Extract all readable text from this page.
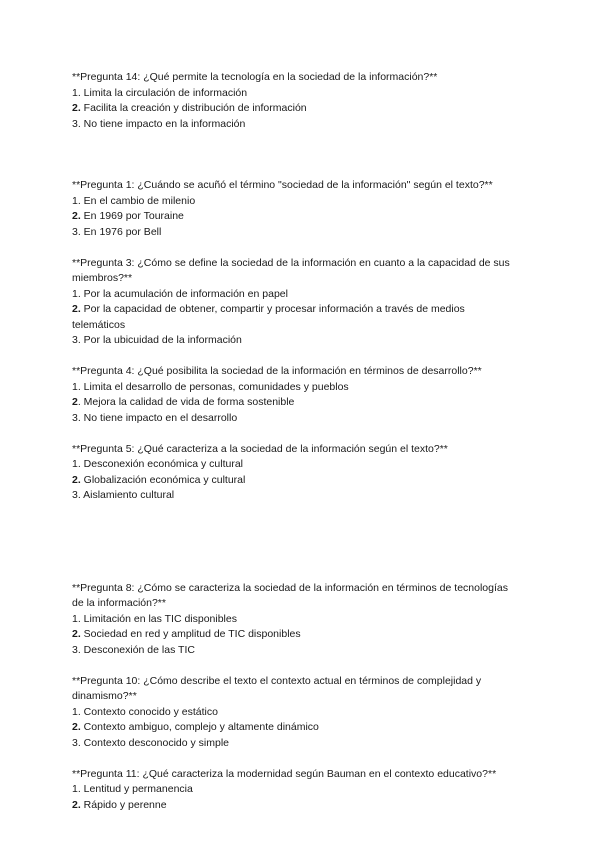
**Pregunta 14: ¿Qué permite la tecnología en la sociedad de la información?**
1. Limita la circulación de información
2. Facilita la creación y distribución de información
3. No tiene impacto en la información
**Pregunta 1: ¿Cuándo se acuñó el término "sociedad de la información" según el texto?**
1. En el cambio de milenio
2. En 1969 por Touraine
3. En 1976 por Bell
**Pregunta 3: ¿Cómo se define la sociedad de la información en cuanto a la capacidad de sus miembros?**
1. Por la acumulación de información en papel
2. Por la capacidad de obtener, compartir y procesar información a través de medios telemáticos
3. Por la ubicuidad de la información
**Pregunta 4: ¿Qué posibilita la sociedad de la información en términos de desarrollo?**
1. Limita el desarrollo de personas, comunidades y pueblos
2. Mejora la calidad de vida de forma sostenible
3. No tiene impacto en el desarrollo
**Pregunta 5: ¿Qué caracteriza a la sociedad de la información según el texto?**
1. Desconexión económica y cultural
2. Globalización económica y cultural
3. Aislamiento cultural
**Pregunta 8: ¿Cómo se caracteriza la sociedad de la información en términos de tecnologías de la información?**
1. Limitación en las TIC disponibles
2. Sociedad en red y amplitud de TIC disponibles
3. Desconexión de las TIC
**Pregunta 10: ¿Cómo describe el texto el contexto actual en términos de complejidad y dinamismo?**
1. Contexto conocido y estático
2. Contexto ambiguo, complejo y altamente dinámico
3. Contexto desconocido y simple
**Pregunta 11: ¿Qué caracteriza la modernidad según Bauman en el contexto educativo?**
1. Lentitud y permanencia
2. Rápido y perenne
